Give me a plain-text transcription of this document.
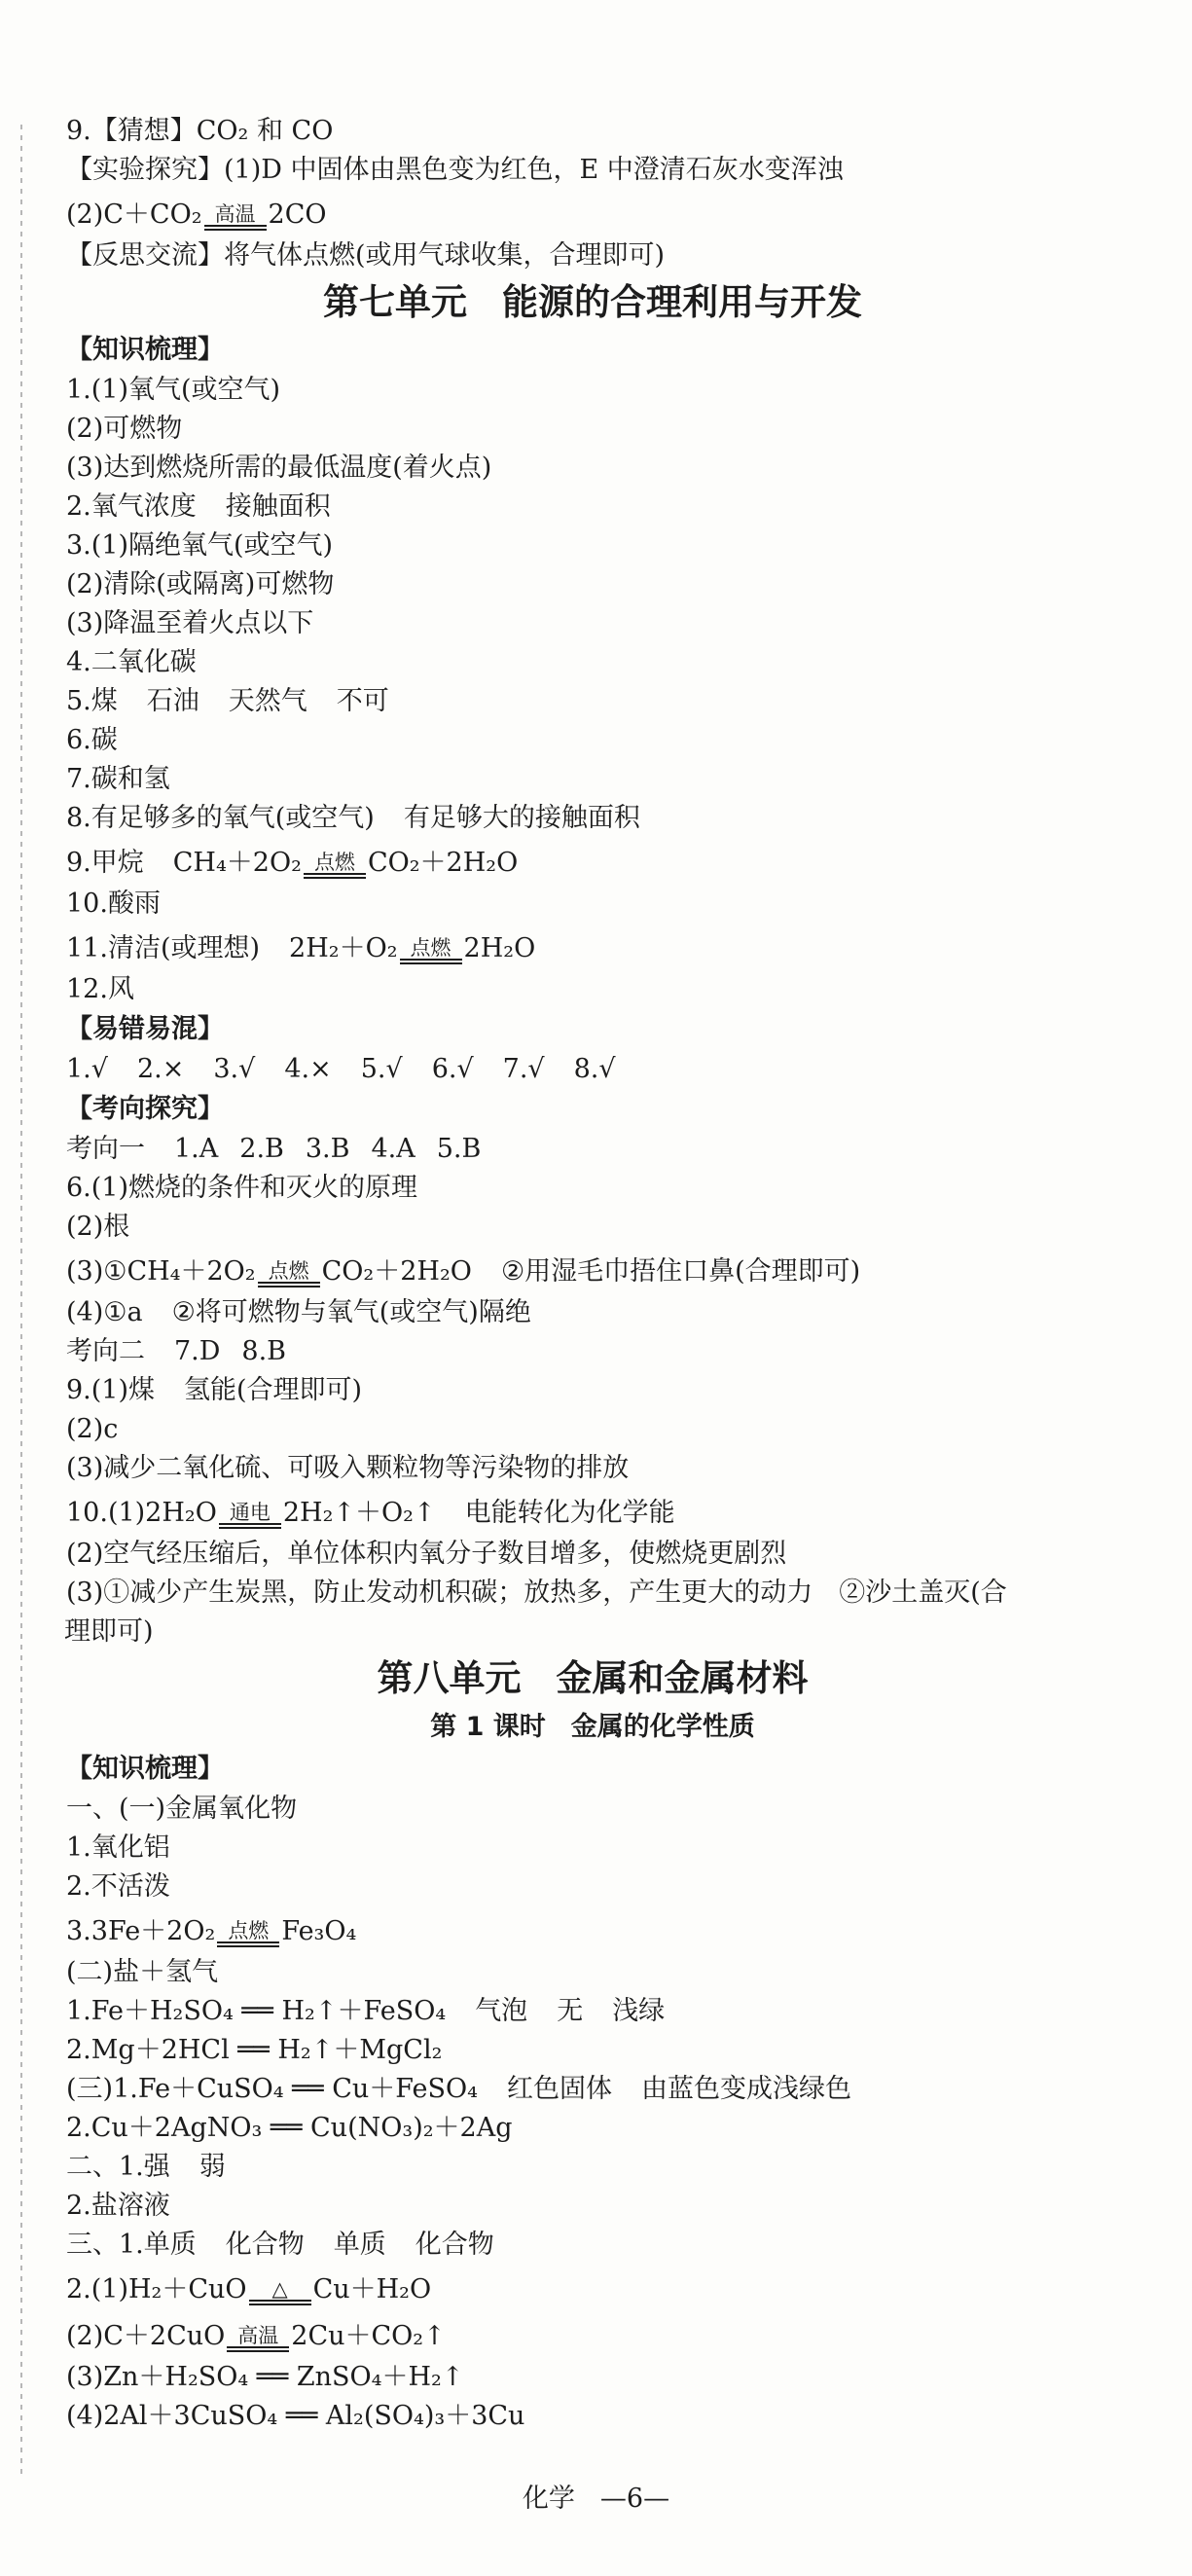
9.【猜想】CO₂ 和 CO
【实验探究】(1)D 中固体由黑色变为红色，E 中澄清石灰水变浑浊
(2)C＋CO₂ 高温 2CO
【反思交流】将气体点燃(或用气球收集，合理即可)
第七单元 能源的合理利用与开发
【知识梳理】
1.(1)氧气(或空气)
(2)可燃物
(3)达到燃烧所需的最低温度(着火点)
2.氧气浓度 接触面积
3.(1)隔绝氧气(或空气)
(2)清除(或隔离)可燃物
(3)降温至着火点以下
4.二氧化碳
5.煤 石油 天然气 不可
6.碳
7.碳和氢
8.有足够多的氧气(或空气) 有足够大的接触面积
9.甲烷 CH₄＋2O₂ 点燃 CO₂＋2H₂O
10.酸雨
11.清洁(或理想) 2H₂＋O₂ 点燃 2H₂O
12.风
【易错易混】
1.√ 2.× 3.√ 4.× 5.√ 6.√ 7.√ 8.√
【考向探究】
考向一 1.A 2.B 3.B 4.A 5.B
6.(1)燃烧的条件和灭火的原理
(2)根
(3)①CH₄＋2O₂ 点燃 CO₂＋2H₂O ②用湿毛巾捂住口鼻(合理即可)
(4)①a ②将可燃物与氧气(或空气)隔绝
考向二 7.D 8.B
9.(1)煤 氢能(合理即可)
(2)c
(3)减少二氧化硫、可吸入颗粒物等污染物的排放
10.(1)2H₂O 通电 2H₂↑＋O₂↑ 电能转化为化学能
(2)空气经压缩后，单位体积内氧分子数目增多，使燃烧更剧烈
(3)①减少产生炭黑，防止发动机积碳；放热多，产生更大的动力　②沙土盖灭(合
理即可)
第八单元 金属和金属材料
第 1 课时 金属的化学性质
【知识梳理】
一、(一)金属氧化物
1.氧化铝
2.不活泼
3.3Fe＋2O₂ 点燃 Fe₃O₄
(二)盐＋氢气
1.Fe＋H₂SO₄ ══ H₂↑＋FeSO₄ 气泡 无 浅绿
2.Mg＋2HCl ══ H₂↑＋MgCl₂
(三)1.Fe＋CuSO₄ ══ Cu＋FeSO₄ 红色固体 由蓝色变成浅绿色
2.Cu＋2AgNO₃ ══ Cu(NO₃)₂＋2Ag
二、1.强 弱
2.盐溶液
三、1.单质 化合物 单质 化合物
2.(1)H₂＋CuO △ Cu＋H₂O
(2)C＋2CuO 高温 2Cu＋CO₂↑
(3)Zn＋H₂SO₄ ══ ZnSO₄＋H₂↑
(4)2Al＋3CuSO₄ ══ Al₂(SO₄)₃＋3Cu
化学 —6—
